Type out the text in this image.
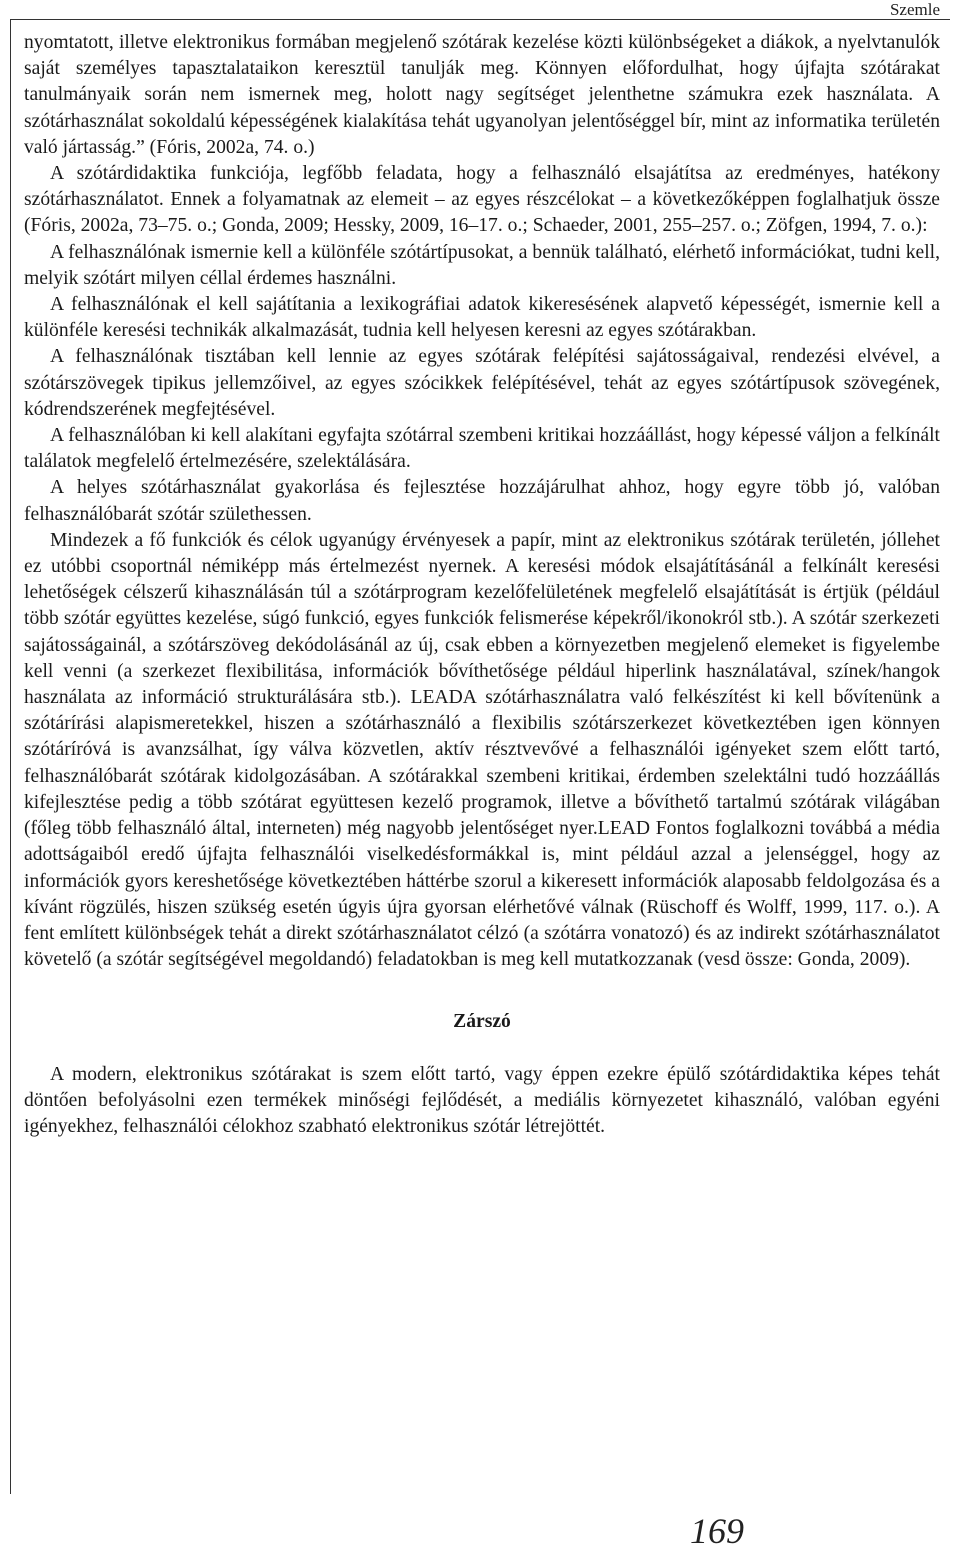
Szemle

nyomtatott, illetve elektronikus formában megjelenő szótárak kezelése közti különbségeket a diákok, a nyelvtanulók saját személyes tapasztalataikon keresztül tanulják meg. Könnyen előfordulhat, hogy újfajta szótárakat tanulmányaik során nem ismernek meg, holott nagy segítséget jelenthetne számukra ezek használata. A szótárhasználat sokoldalú képességének kialakítása tehát ugyanolyan jelentőséggel bír, mint az informatika területén való jártasság.” (Fóris, 2002a, 74. o.)

A szótárdidaktika funkciója, legfőbb feladata, hogy a felhasználó elsajátítsa az eredményes, hatékony szótárhasználatot. Ennek a folyamatnak az elemeit – az egyes részcélokat – a következőképpen foglalhatjuk össze (Fóris, 2002a, 73–75. o.; Gonda, 2009; Hessky, 2009, 16–17. o.; Schaeder, 2001, 255–257. o.; Zöfgen, 1994, 7. o.):

A felhasználónak ismernie kell a különféle szótártípusokat, a bennük található, elérhető információkat, tudni kell, melyik szótárt milyen céllal érdemes használni.

A felhasználónak el kell sajátítania a lexikográfiai adatok kikeresésének alapvető képességét, ismernie kell a különféle keresési technikák alkalmazását, tudnia kell helyesen keresni az egyes szótárakban.

A felhasználónak tisztában kell lennie az egyes szótárak felépítési sajátosságaival, rendezési elvével, a szótárszövegek tipikus jellemzőivel, az egyes szócikkek felépítésével, tehát az egyes szótártípusok szövegének, kódrendszerének megfejtésével.

A felhasználóban ki kell alakítani egyfajta szótárral szembeni kritikai hozzáállást, hogy képessé váljon a felkínált találatok megfelelő értelmezésére, szelektálására.

A helyes szótárhasználat gyakorlása és fejlesztése hozzájárulhat ahhoz, hogy egyre több jó, valóban felhasználóbarát szótár születhessen.

Mindezek a fő funkciók és célok ugyanúgy érvényesek a papír, mint az elektronikus szótárak területén, jóllehet ez utóbbi csoportnál némiképp más értelmezést nyernek. A keresési módok elsajátításánál a felkínált keresési lehetőségek célszerű kihasználásán túl a szótárprogram kezelőfelületének megfelelő elsajátítását is értjük (például több szótár együttes kezelése, súgó funkció, egyes funkciók felismerése képekről/ikonokról stb.). A szótár szerkezeti sajátosságainál, a szótárszöveg dekódolásánál az új, csak ebben a környezetben megjelenő elemeket is figyelembe kell venni (a szerkezet flexibilitása, információk bővíthetősége például hiperlink használatával, színek/hangok használata az információ strukturálására stb.). LEADA szótárhasználatra való felkészítést ki kell bővítenünk a szótárírási alapismeretekkel, hiszen a szótárhasználó a flexibilis szótárszerkezet következtében igen könnyen szótáríróvá is avanzsálhat, így válva közvetlen, aktív résztvevővé a felhasználói igényeket szem előtt tartó, felhasználóbarát szótárak kidolgozásában. A szótárakkal szembeni kritikai, érdemben szelektálni tudó hozzáállás kifejlesztése pedig a több szótárat együttesen kezelő programok, illetve a bővíthető tartalmú szótárak világában (főleg több felhasználó által, interneten) még nagyobb jelentőséget nyer.LEAD Fontos foglalkozni továbbá a média adottságaiból eredő újfajta felhasználói viselkedésformákkal is, mint például azzal a jelenséggel, hogy az információk gyors kereshetősége következtében háttérbe szorul a kikeresett információk alaposabb feldolgozása és a kívánt rögzülés, hiszen szükség esetén úgyis újra gyorsan elérhetővé válnak (Rüschoff és Wolff, 1999, 117. o.). A fent említett különbségek tehát a direkt szótárhasználatot célzó (a szótárra vonatozó) és az indirekt szótárhasználatot követelő (a szótár segítségével megoldandó) feladatokban is meg kell mutatkozzanak (vesd össze: Gonda, 2009).

Zárszó

A modern, elektronikus szótárakat is szem előtt tartó, vagy éppen ezekre épülő szótárdidaktika képes tehát döntően befolyásolni ezen termékek minőségi fejlődését, a mediális környezetet kihasználó, valóban egyéni igényekhez, felhasználói célokhoz szabható elektronikus szótár létrejöttét.

169
